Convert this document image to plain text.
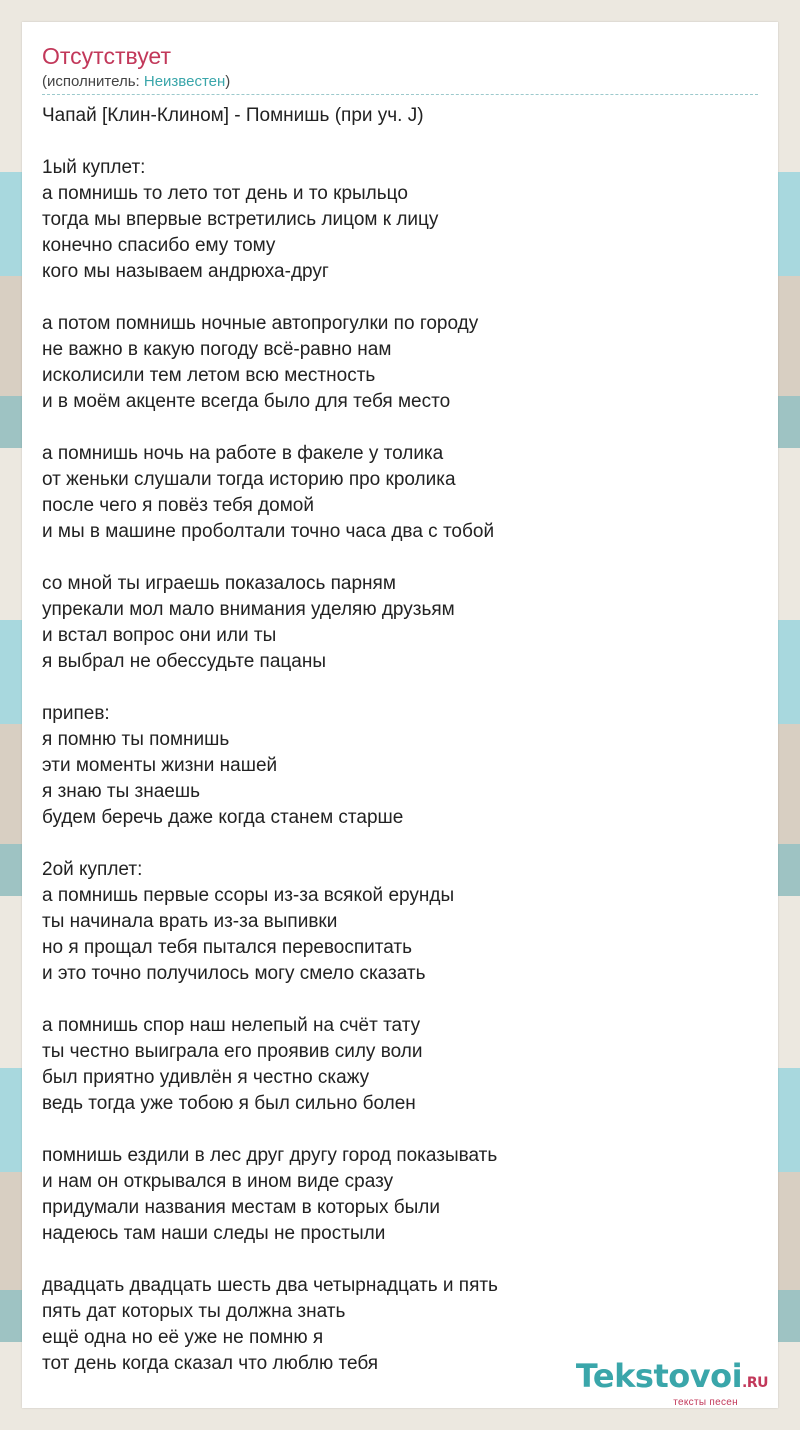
Отсутствует
(исполнитель: Неизвестен)
Чапай [Клин-Клином] - Помнишь (при уч. J)
1ый куплет:
а помнишь то лето тот день и то крыльцо
тогда мы впервые встретились лицом к лицу
конечно спасибо ему тому
кого мы называем андрюха-друг
а потом помнишь ночные автопрогулки по городу
не важно в какую погоду всё-равно нам
исколисили тем летом всю местность
и в моём акценте всегда было для тебя место
а помнишь ночь на работе в факеле у толика
от женьки слушали тогда историю про кролика
после чего я повёз тебя домой
и мы в машине проболтали точно часа два с тобой
со мной ты играешь показалось парням
упрекали мол мало внимания уделяю друзьям
и встал вопрос они или ты
я выбрал не обессудьте пацаны
припев:
я помню ты помнишь
эти моменты жизни нашей
я знаю ты знаешь
будем беречь даже когда станем старше
2ой куплет:
а помнишь первые ссоры из-за всякой ерунды
ты начинала врать из-за выпивки
но я прощал тебя пытался перевоспитать
и это точно получилось могу смело сказать
а помнишь спор наш нелепый на счёт тату
ты честно выиграла его проявив силу воли
был приятно удивлён я честно скажу
ведь тогда уже тобою я был сильно болен
помнишь ездили в лес друг другу город показывать
и нам он открывался в ином виде сразу
придумали названия местам в которых были
надеюсь там наши следы не простыли
двадцать двадцать шесть два четырнадцать и пять
пять дат которых ты должна знать
ещё одна но её уже не помню я
тот день когда сказал что люблю тебя	Tekstovoi.RU
тексты песен
